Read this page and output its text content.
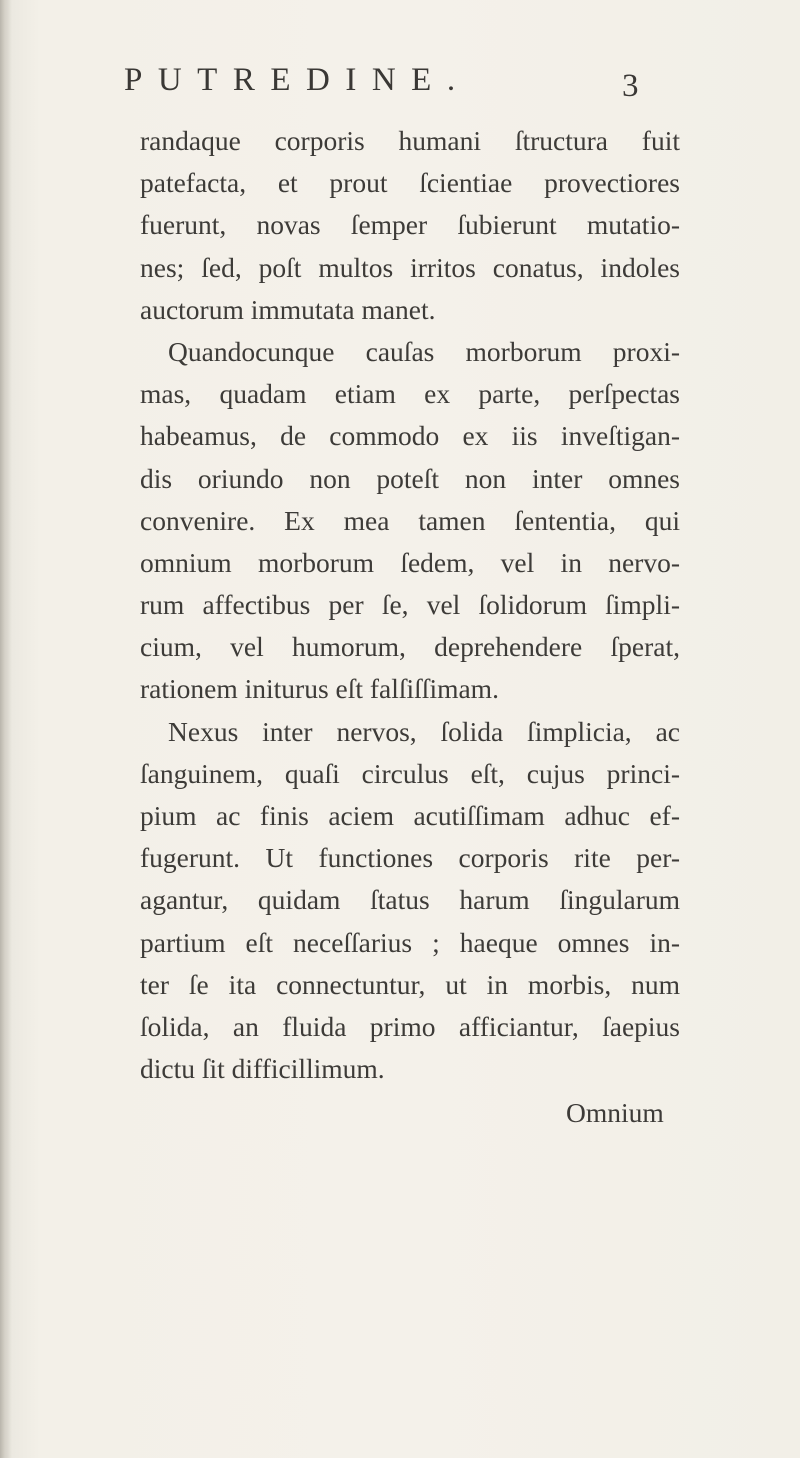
PUTREDINE.	3
randaque corporis humani ſtructura fuit
patefacta, et prout ſcientiae provectiores
fuerunt, novas ſemper ſubierunt mutatio-
nes; ſed, poſt multos irritos conatus, indoles
auctorum immutata manet.
Quandocunque cauſas morborum proxi-
mas, quadam etiam ex parte, perſpectas
habeamus, de commodo ex iis inveſtigan-
dis oriundo non poteſt non inter omnes
convenire. Ex mea tamen ſententia, qui
omnium morborum ſedem, vel in nervo-
rum affectibus per ſe, vel ſolidorum ſimpli-
cium, vel humorum, deprehendere ſperat,
rationem initurus eſt falſiſſimam.
Nexus inter nervos, ſolida ſimplicia, ac
ſanguinem, quaſi circulus eſt, cujus princi-
pium ac finis aciem acutiſſimam adhuc ef-
fugerunt. Ut functiones corporis rite per-
agantur, quidam ſtatus harum ſingularum
partium eſt neceſſarius ; haeque omnes in-
ter ſe ita connectuntur, ut in morbis, num
ſolida, an fluida primo afficiantur, ſaepius
dictu ſit difficillimum.
Omnium
